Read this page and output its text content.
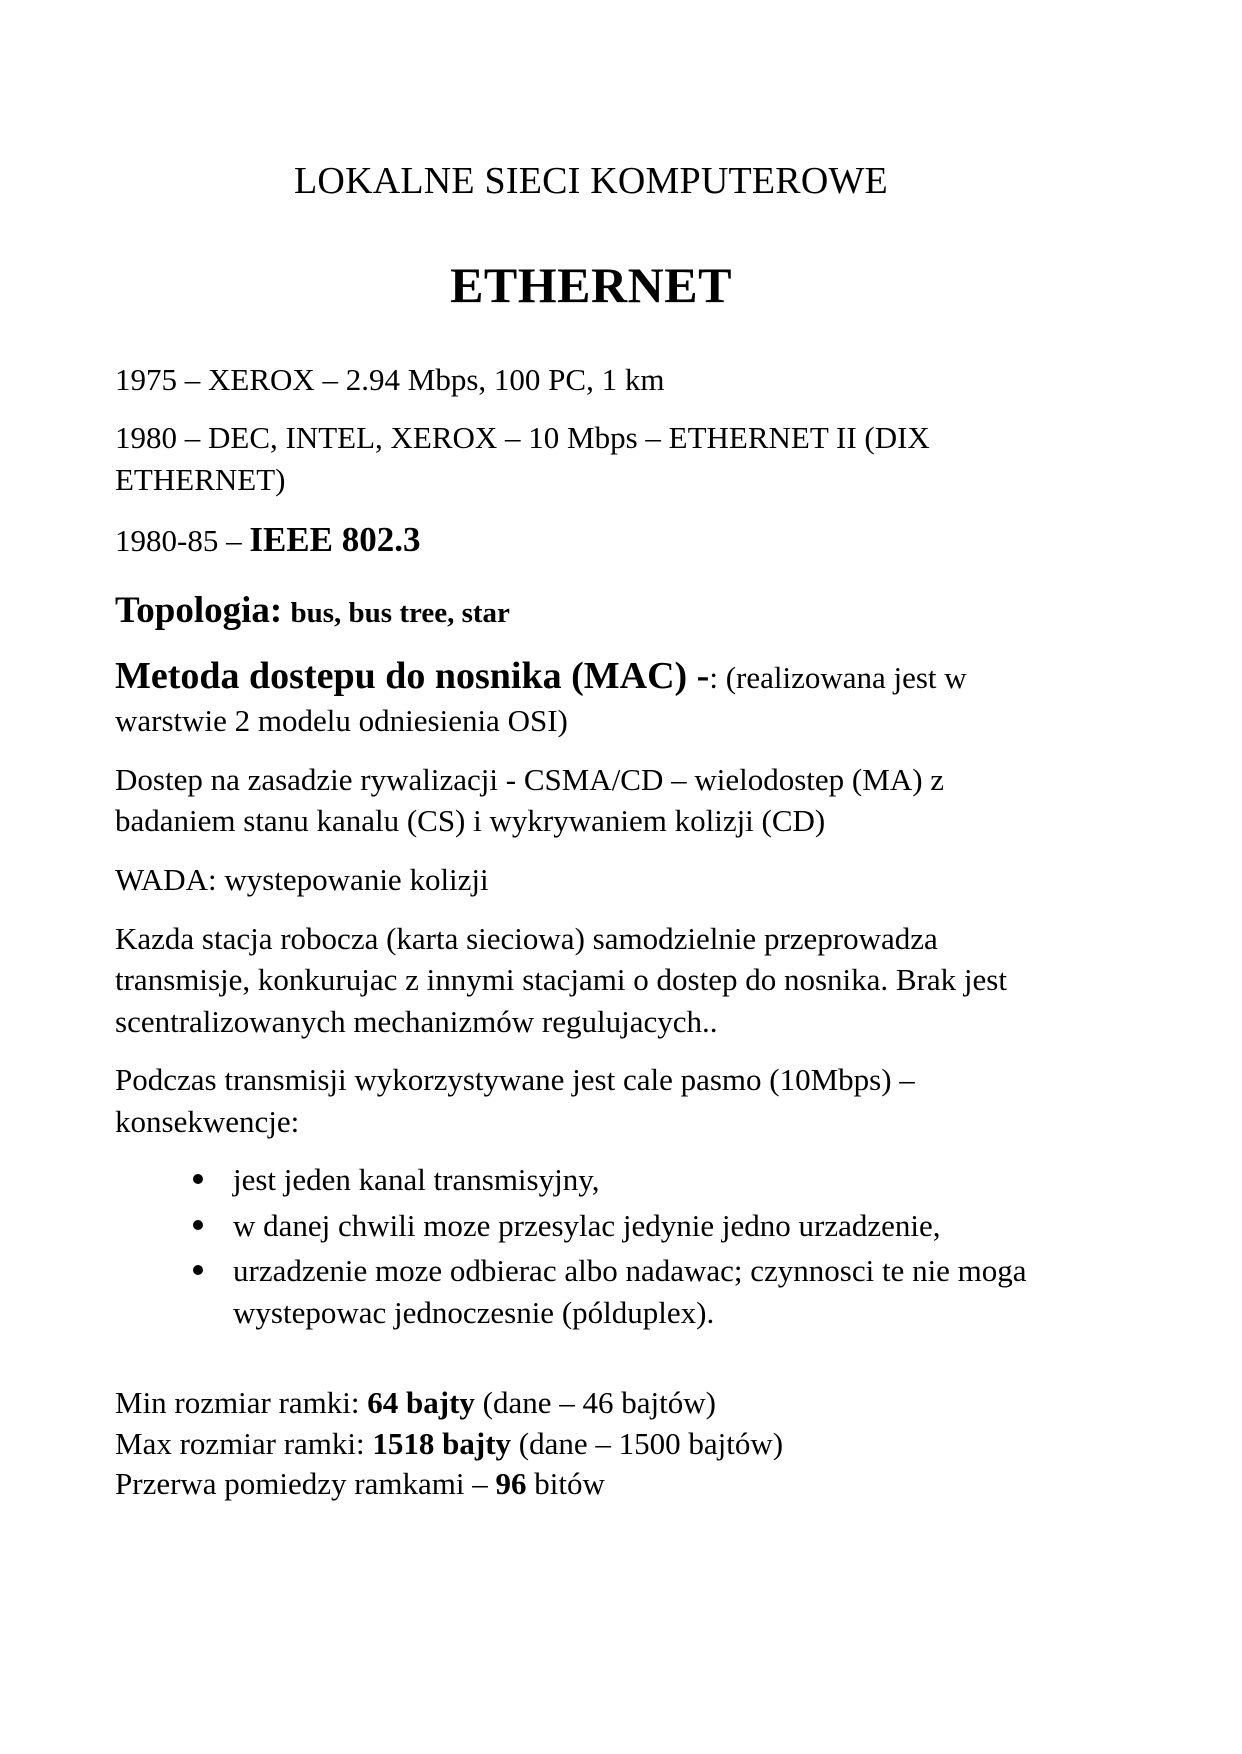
LOKALNE SIECI KOMPUTEROWE
ETHERNET

1975 – XEROX – 2.94 Mbps, 100 PC, 1 km

1980 – DEC, INTEL, XEROX – 10 Mbps – ETHERNET II (DIX ETHERNET)

1980-85 – IEEE 802.3

Topologia: bus, bus tree, star

Metoda dostepu do nosnika (MAC) -: (realizowana jest w warstwie 2 modelu odniesienia OSI)

Dostep na zasadzie rywalizacji - CSMA/CD – wielodostep (MA) z badaniem stanu kanalu (CS) i wykrywaniem kolizji (CD)

WADA: wystepowanie kolizji

Kazda stacja robocza (karta sieciowa) samodzielnie przeprowadza transmisje, konkurujac z innymi stacjami o dostep do nosnika. Brak jest scentralizowanych mechanizmów regulujacych..

Podczas transmisji wykorzystywane jest cale pasmo (10Mbps) – konsekwencje:

jest jeden kanal transmisyjny,
w danej chwili moze przesylac jedynie jedno urzadzenie,
urzadzenie moze odbierac albo nadawac; czynnosci te nie moga wystepowac jednoczesnie (pólduplex).

Min rozmiar ramki: 64 bajty (dane – 46 bajtów)

Max rozmiar ramki: 1518 bajty (dane – 1500 bajtów)

Przerwa pomiedzy ramkami – 96 bitów
